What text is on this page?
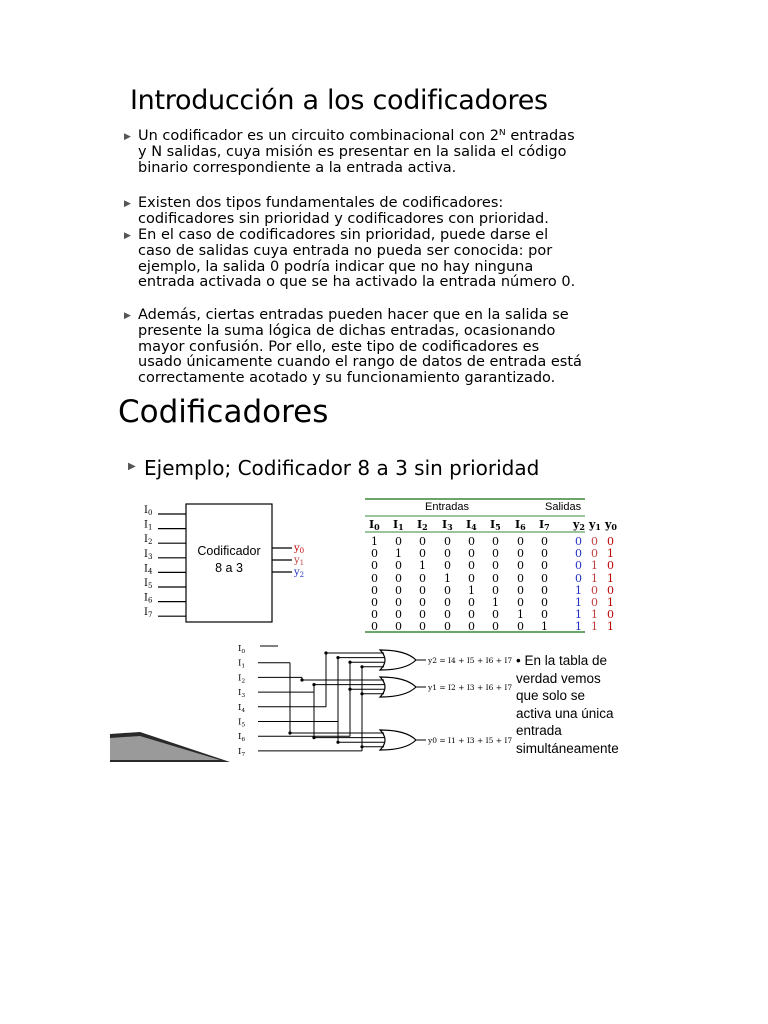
Introducción a los codificadores
▶ Un codificador es un circuito combinacional con 2ᴺ entradas

y N salidas, cuya misión es presentar en la salida el código

binario correspondiente a la entrada activa.

▶ Existen dos tipos fundamentales de codificadores:

codificadores sin prioridad y codificadores con prioridad.

▶ En el caso de codificadores sin prioridad, puede darse el

caso de salidas cuya entrada no pueda ser conocida: por

ejemplo, la salida 0 podría indicar que no hay ninguna

entrada activada o que se ha activado la entrada número 0.

▶ Además, ciertas entradas pueden hacer que en la salida se

presente la suma lógica de dichas entradas, ocasionando

mayor confusión. Por ello, este tipo de codificadores es

usado únicamente cuando el rango de datos de entrada está

correctamente acotado y su funcionamiento garantizado.

Codificadores
▶ Ejemplo; Codificador 8 a 3 sin prioridad
$I_0$
$I_1$
$I_2$
$I_3$
$I_4$
$I_5$
$I_6$
$I_7$
$y_0$
$y_1$
$y_2$
Codificador
8 a 3
Entradas	Salidas
I0 I1 I2 I3 I4 I5 I6 I7 y2 y1 y0
1 0 0 0 0 0 0 0 0 0 0
0 1 0 0 0 0 0 0 0 0 1
0 0 1 0 0 0 0 0 0 1 0
0 0 0 1 0 0 0 0 0 1 1
0 0 0 0 1 0 0 0 1 0 0
0 0 0 0 0 1 0 0 1 0 1
0 0 0 0 0 0 1 0 1 1 0
0 0 0 0 0 0 0 1 1 1 1
$I_0$
$I_1$
$I_2$
$I_3$
$I_4$
$I_5$
$I_6$
$I_7$
y2 = I4 + I5 + I6 + I7
y1 = I2 + I3 + I6 + I7
y0 = I1 + I3 + I5 + I7

• En la tabla de

verdad vemos

que solo se

activa una única

entrada

simultáneamente
